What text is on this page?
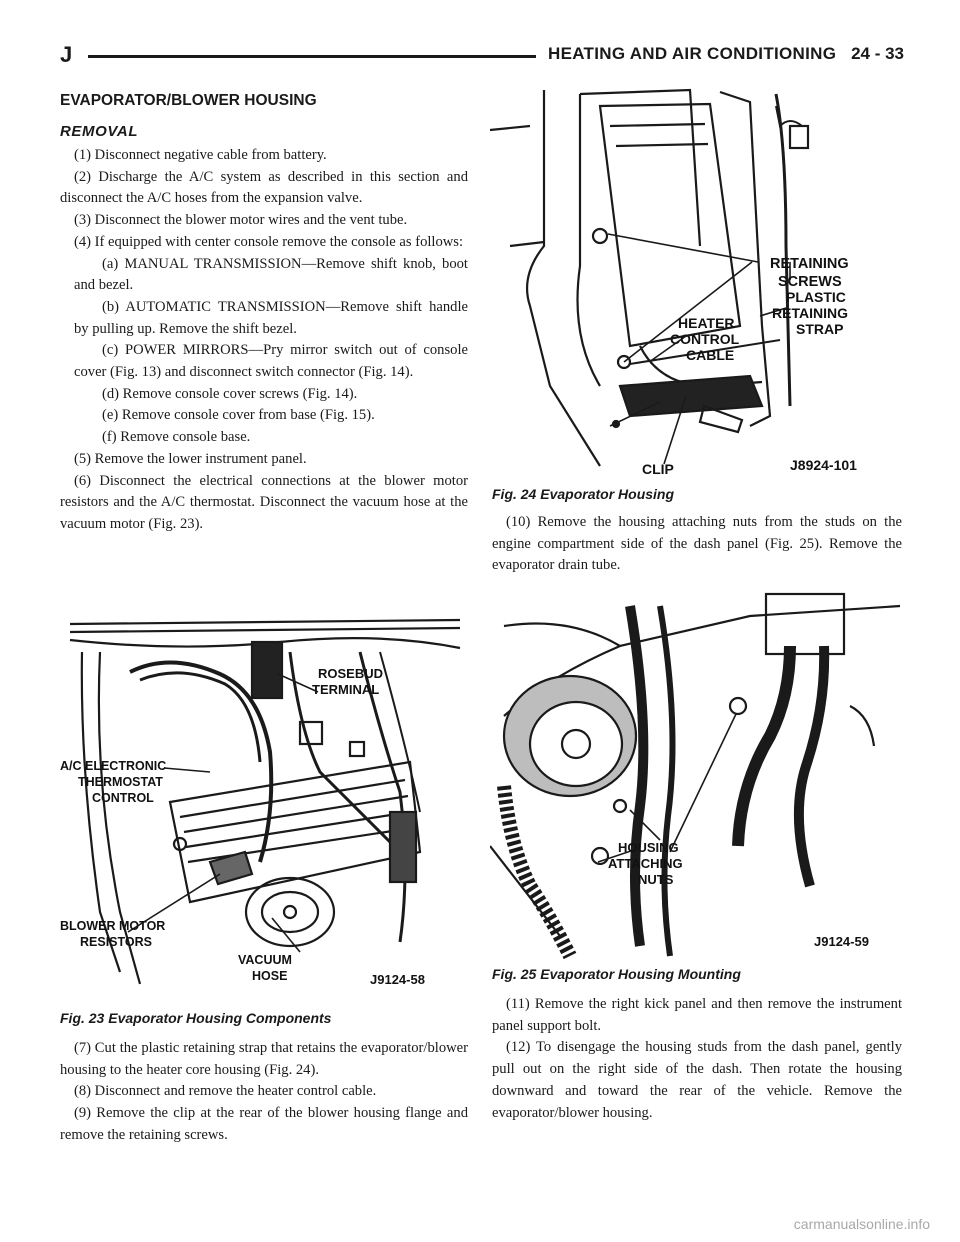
J	HEATING AND AIR CONDITIONING 24 - 33
EVAPORATOR/BLOWER HOUSING
REMOVAL

(1) Disconnect negative cable from battery.

(2) Discharge the A/C system as described in this section and disconnect the A/C hoses from the expansion valve.

(3) Disconnect the blower motor wires and the vent tube.

(4) If equipped with center console remove the console as follows:

(a) MANUAL TRANSMISSION—Remove shift knob, boot and bezel.

(b) AUTOMATIC TRANSMISSION—Remove shift handle by pulling up. Remove the shift bezel.

(c) POWER MIRRORS—Pry mirror switch out of console cover (Fig. 13) and disconnect switch connector (Fig. 14).

(d) Remove console cover screws (Fig. 14).

(e) Remove console cover from base (Fig. 15).

(f) Remove console base.

(5) Remove the lower instrument panel.

(6) Disconnect the electrical connections at the blower motor resistors and the A/C thermostat. Disconnect the vacuum hose at the vacuum motor (Fig. 23).

ROSEBUD
TERMINAL
A/C ELECTRONIC
THERMOSTAT
CONTROL
BLOWER MOTOR
RESISTORS
VACUUM
HOSE	J9124-58
Fig. 23 Evaporator Housing Components

(7) Cut the plastic retaining strap that retains the evaporator/blower housing to the heater core housing (Fig. 24).

(8) Disconnect and remove the heater control cable.

(9) Remove the clip at the rear of the blower housing flange and remove the retaining screws.

RETAINING
SCREWS
PLASTIC
RETAINING
STRAP
HEATER
CONTROL
CABLE
CLIP	J8924-101
Fig. 24 Evaporator Housing

(10) Remove the housing attaching nuts from the studs on the engine compartment side of the dash panel (Fig. 25). Remove the evaporator drain tube.

HOUSING
ATTACHING
NUTS
J9124-59
Fig. 25 Evaporator Housing Mounting

(11) Remove the right kick panel and then remove the instrument panel support bolt.

(12) To disengage the housing studs from the dash panel, gently pull out on the right side of the dash. Then rotate the housing downward and toward the rear of the vehicle. Remove the evaporator/blower housing.

carmanualsonline.info
